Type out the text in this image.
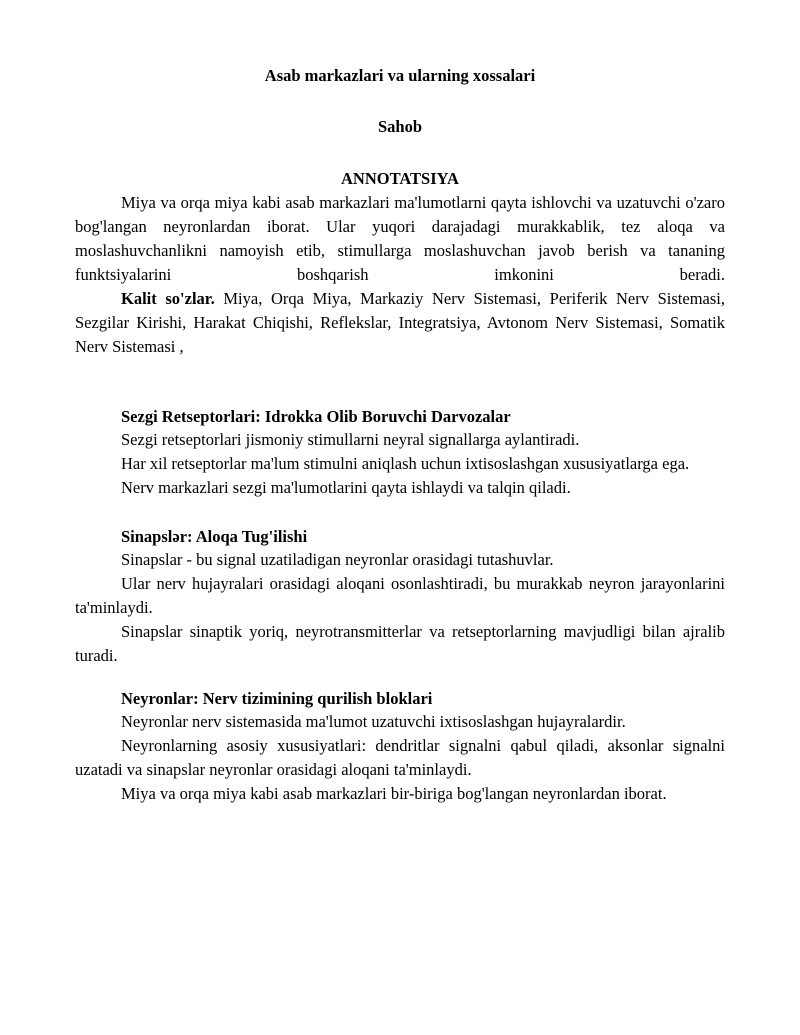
Asab markazlari va ularning xossalari
Sahob
ANNOTATSIYA

Miya va orqa miya kabi asab markazlari ma'lumotlarni qayta ishlovchi va uzatuvchi o'zaro bog'langan neyronlardan iborat. Ular yuqori darajadagi murakkablik, tez aloqa va moslashuvchanlikni namoyish etib, stimullarga moslashuvchan javob berish va tananing funktsiyalarini boshqarish imkonini beradi.

Kalit so'zlar. Miya, Orqa Miya, Markaziy Nerv Sistemasi, Periferik Nerv Sistemasi, Sezgilar Kirishi, Harakat Chiqishi, Reflekslar, Integratsiya, Avtonom Nerv Sistemasi, Somatik Nerv Sistemasi ,

Sezgi Retseptorlari: Idrokka Olib Boruvchi Darvozalar

Sezgi retseptorlari jismoniy stimullarni neyral signallarga aylantiradi.

Har xil retseptorlar ma'lum stimulni aniqlash uchun ixtisoslashgan xususiyatlarga ega.

Nerv markazlari sezgi ma'lumotlarini qayta ishlaydi va talqin qiladi.

Sinapslər: Aloqa Tug'ilishi

Sinapslar - bu signal uzatiladigan neyronlar orasidagi tutashuvlar.

Ular nerv hujayralari orasidagi aloqani osonlashtiradi, bu murakkab neyron jarayonlarini ta'minlaydi.

Sinapslar sinaptik yoriq, neyrotransmitterlar va retseptorlarning mavjudligi bilan ajralib turadi.

Neyronlar: Nerv tizimining qurilish bloklari

Neyronlar nerv sistemasida ma'lumot uzatuvchi ixtisoslashgan hujayralardir.

Neyronlarning asosiy xususiyatlari: dendritlar signalni qabul qiladi, aksonlar signalni uzatadi va sinapslar neyronlar orasidagi aloqani ta'minlaydi.

Miya va orqa miya kabi asab markazlari bir-biriga bog'langan neyronlardan iborat.
